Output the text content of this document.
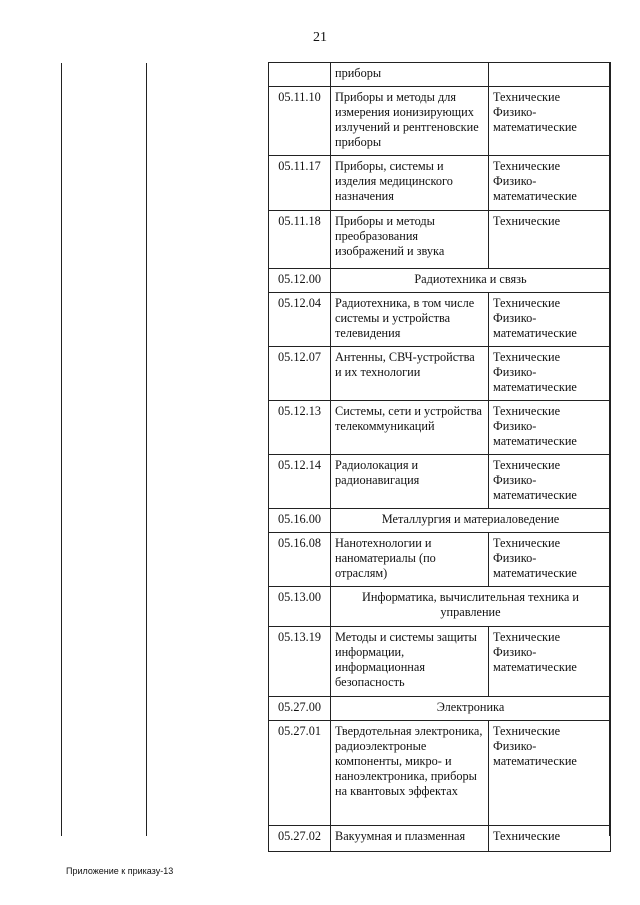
21
	приборы	
05.11.10	Приборы и методы для измерения ионизирующих излучений и рентгеновские приборы	Технические
Физико-математические

05.11.17	Приборы, системы и изделия медицинского назначения	Технические
Физико-математические

05.11.18	Приборы и методы преобразования изображений и звука	Технические

05.12.00	Радиотехника и связь	
05.12.04	Радиотехника, в том числе системы и устройства телевидения	Технические
Физико-математические

05.12.07	Антенны, СВЧ-устройства и их технологии	Технические
Физико-математические

05.12.13	Системы, сети и устройства телекоммуникаций	Технические
Физико-математические

05.12.14	Радиолокация и радионавигация	Технические
Физико-математические

05.16.00	Металлургия и материаловедение	
05.16.08	Нанотехнологии и наноматериалы (по отраслям)	Технические
Физико-математические

05.13.00	Информатика, вычислительная техника и управление	
05.13.19	Методы и системы защиты информации, информационная безопасность	Технические
Физико-математические

05.27.00	Электроника	
05.27.01	Твердотельная электроника, радиоэлектроные компоненты, микро- и наноэлектроника, приборы на квантовых эффектах	Технические
Физико-математические

05.27.02	Вакуумная и плазменная	Технические
Приложение к приказу-13
